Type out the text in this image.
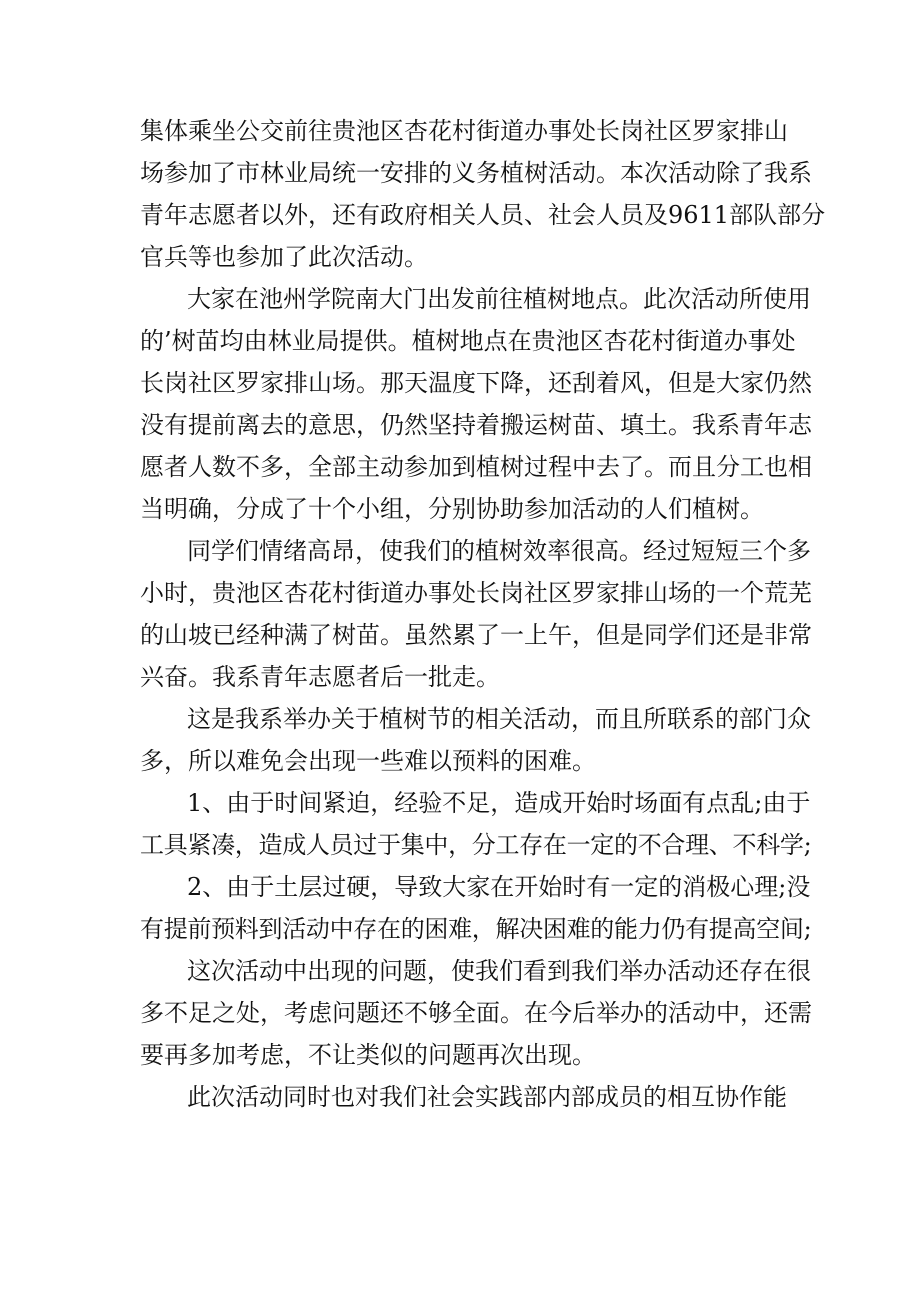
集体乘坐公交前往贵池区杏花村街道办事处长岗社区罗家排山
场参加了市林业局统一安排的义务植树活动。本次活动除了我系
青年志愿者以外，还有政府相关人员、社会人员及9611部队部分
官兵等也参加了此次活动。
大家在池州学院南大门出发前往植树地点。此次活动所使用
的’树苗均由林业局提供。植树地点在贵池区杏花村街道办事处
长岗社区罗家排山场。那天温度下降，还刮着风，但是大家仍然
没有提前离去的意思，仍然坚持着搬运树苗、填土。我系青年志
愿者人数不多，全部主动参加到植树过程中去了。而且分工也相
当明确，分成了十个小组，分别协助参加活动的人们植树。
同学们情绪高昂，使我们的植树效率很高。经过短短三个多
小时，贵池区杏花村街道办事处长岗社区罗家排山场的一个荒芜
的山坡已经种满了树苗。虽然累了一上午，但是同学们还是非常
兴奋。我系青年志愿者后一批走。
这是我系举办关于植树节的相关活动，而且所联系的部门众
多，所以难免会出现一些难以预料的困难。
1、由于时间紧迫，经验不足，造成开始时场面有点乱;由于
工具紧凑，造成人员过于集中，分工存在一定的不合理、不科学;
2、由于土层过硬，导致大家在开始时有一定的消极心理;没
有提前预料到活动中存在的困难，解决困难的能力仍有提高空间;
这次活动中出现的问题，使我们看到我们举办活动还存在很
多不足之处，考虑问题还不够全面。在今后举办的活动中，还需
要再多加考虑，不让类似的问题再次出现。
此次活动同时也对我们社会实践部内部成员的相互协作能
